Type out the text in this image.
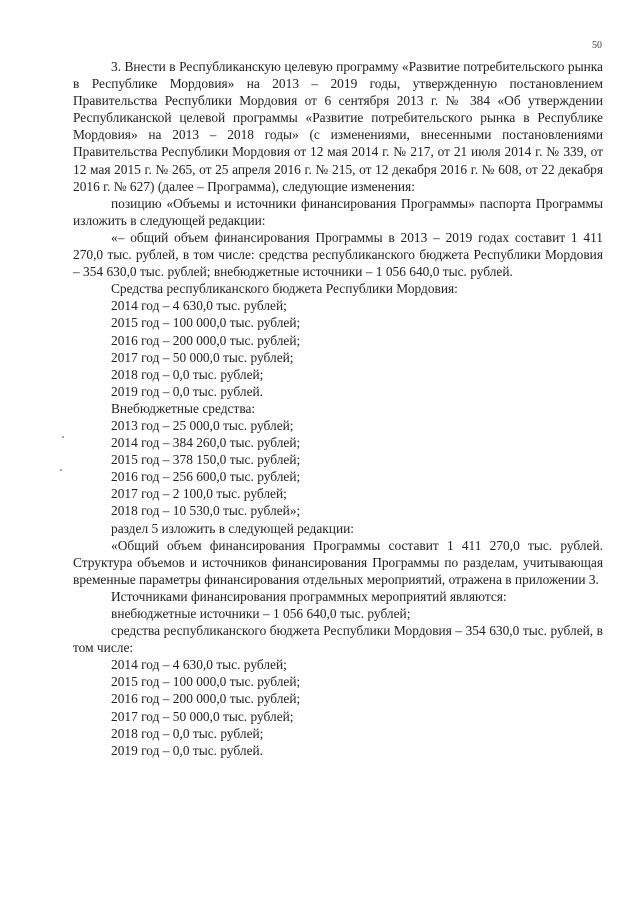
50

3. Внести в Республиканскую целевую программу «Развитие потребительского рынка в Республике Мордовия» на 2013 – 2019 годы, утвержденную постановлением Правительства Республики Мордовия от 6 сентября 2013 г. № 384 «Об утверждении Республиканской целевой программы «Развитие потребительского рынка в Республике Мордовия» на 2013 – 2018 годы» (с изменениями, внесенными постановлениями Правительства Республики Мордовия от 12 мая 2014 г. № 217, от 21 июля 2014 г. № 339, от 12 мая 2015 г. № 265, от 25 апреля 2016 г. № 215, от 12 декабря 2016 г. № 608, от 22 декабря 2016 г. № 627) (далее – Программа), следующие изменения:

позицию «Объемы и источники финансирования Программы» паспорта Программы изложить в следующей редакции:

«– общий объем финансирования Программы в 2013 – 2019 годах составит 1 411 270,0 тыс. рублей, в том числе: средства республиканского бюджета Республики Мордовия – 354 630,0 тыс. рублей; внебюджетные источники – 1 056 640,0 тыс. рублей.

Средства республиканского бюджета Республики Мордовия:

2014 год – 4 630,0 тыс. рублей;

2015 год – 100 000,0 тыс. рублей;

2016 год – 200 000,0 тыс. рублей;

2017 год – 50 000,0 тыс. рублей;

2018 год – 0,0 тыс. рублей;

2019 год – 0,0 тыс. рублей.

Внебюджетные средства:

2013 год – 25 000,0 тыс. рублей;

2014 год – 384 260,0 тыс. рублей;

2015 год – 378 150,0 тыс. рублей;

2016 год – 256 600,0 тыс. рублей;

2017 год – 2 100,0 тыс. рублей;

2018 год – 10 530,0 тыс. рублей»;

раздел 5 изложить в следующей редакции:

«Общий объем финансирования Программы составит 1 411 270,0 тыс. рублей. Структура объемов и источников финансирования Программы по разделам, учитывающая временные параметры финансирования отдельных мероприятий, отражена в приложении 3.

Источниками финансирования программных мероприятий являются:

внебюджетные источники – 1 056 640,0 тыс. рублей;

средства республиканского бюджета Республики Мордовия – 354 630,0 тыс. рублей, в том числе:

2014 год – 4 630,0 тыс. рублей;

2015 год – 100 000,0 тыс. рублей;

2016 год – 200 000,0 тыс. рублей;

2017 год – 50 000,0 тыс. рублей;

2018 год – 0,0 тыс. рублей;

2019 год – 0,0 тыс. рублей.
